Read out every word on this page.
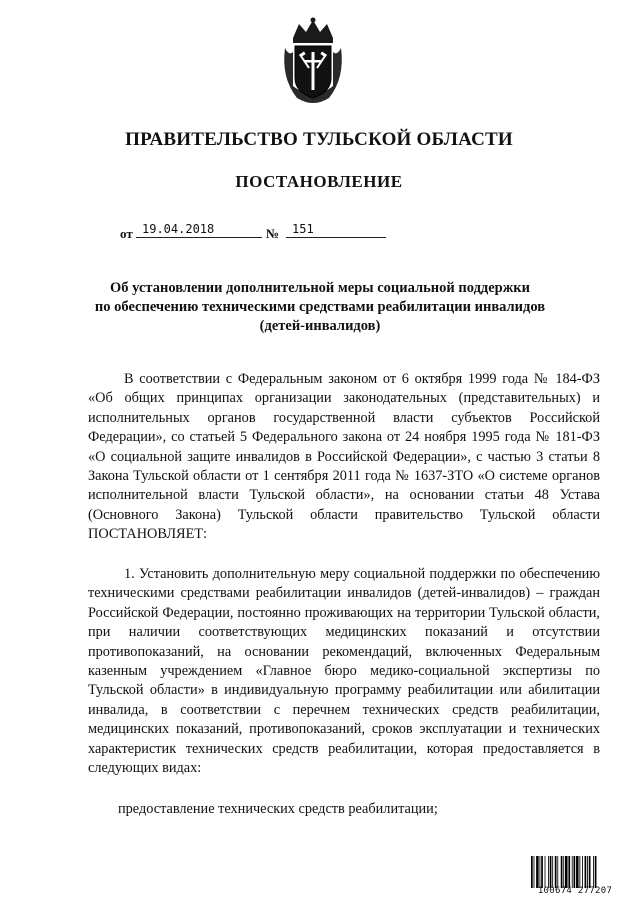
ПРАВИТЕЛЬСТВО ТУЛЬСКОЙ ОБЛАСТИ
ПОСТАНОВЛЕНИЕ
от 19.04.2018	№	151
Об установлении дополнительной меры социальной поддержки
по обеспечению техническими средствами реабилитации инвалидов
(детей-инвалидов)

В соответствии с Федеральным законом от 6 октября 1999 года № 184-ФЗ «Об общих принципах организации законодательных (представительных) и исполнительных органов государственной власти субъектов Российской Федерации», со статьей 5 Федерального закона от 24 ноября 1995 года № 181-ФЗ «О социальной защите инвалидов в Российской Федерации», с частью 3 статьи 8 Закона Тульской области от 1 сентября 2011 года № 1637-ЗТО «О системе органов исполнительной власти Тульской области», на основании статьи 48 Устава (Основного Закона) Тульской области правительство Тульской области ПОСТАНОВЛЯЕТ:

1. Установить дополнительную меру социальной поддержки по обеспечению техническими средствами реабилитации инвалидов (детей-инвалидов) – граждан Российской Федерации, постоянно проживающих на территории Тульской области, при наличии соответствующих медицинских показаний и отсутствии противопоказаний, на основании рекомендаций, включенных Федеральным казенным учреждением «Главное бюро медико-социальной экспертизы по Тульской области» в индивидуальную программу реабилитации или абилитации инвалида, в соответствии с перечнем технических средств реабилитации, медицинских показаний, противопоказаний, сроков эксплуатации и технических характеристик технических средств реабилитации, которая предоставляется в следующих видах:

предоставление технических средств реабилитации;

100674 277207
